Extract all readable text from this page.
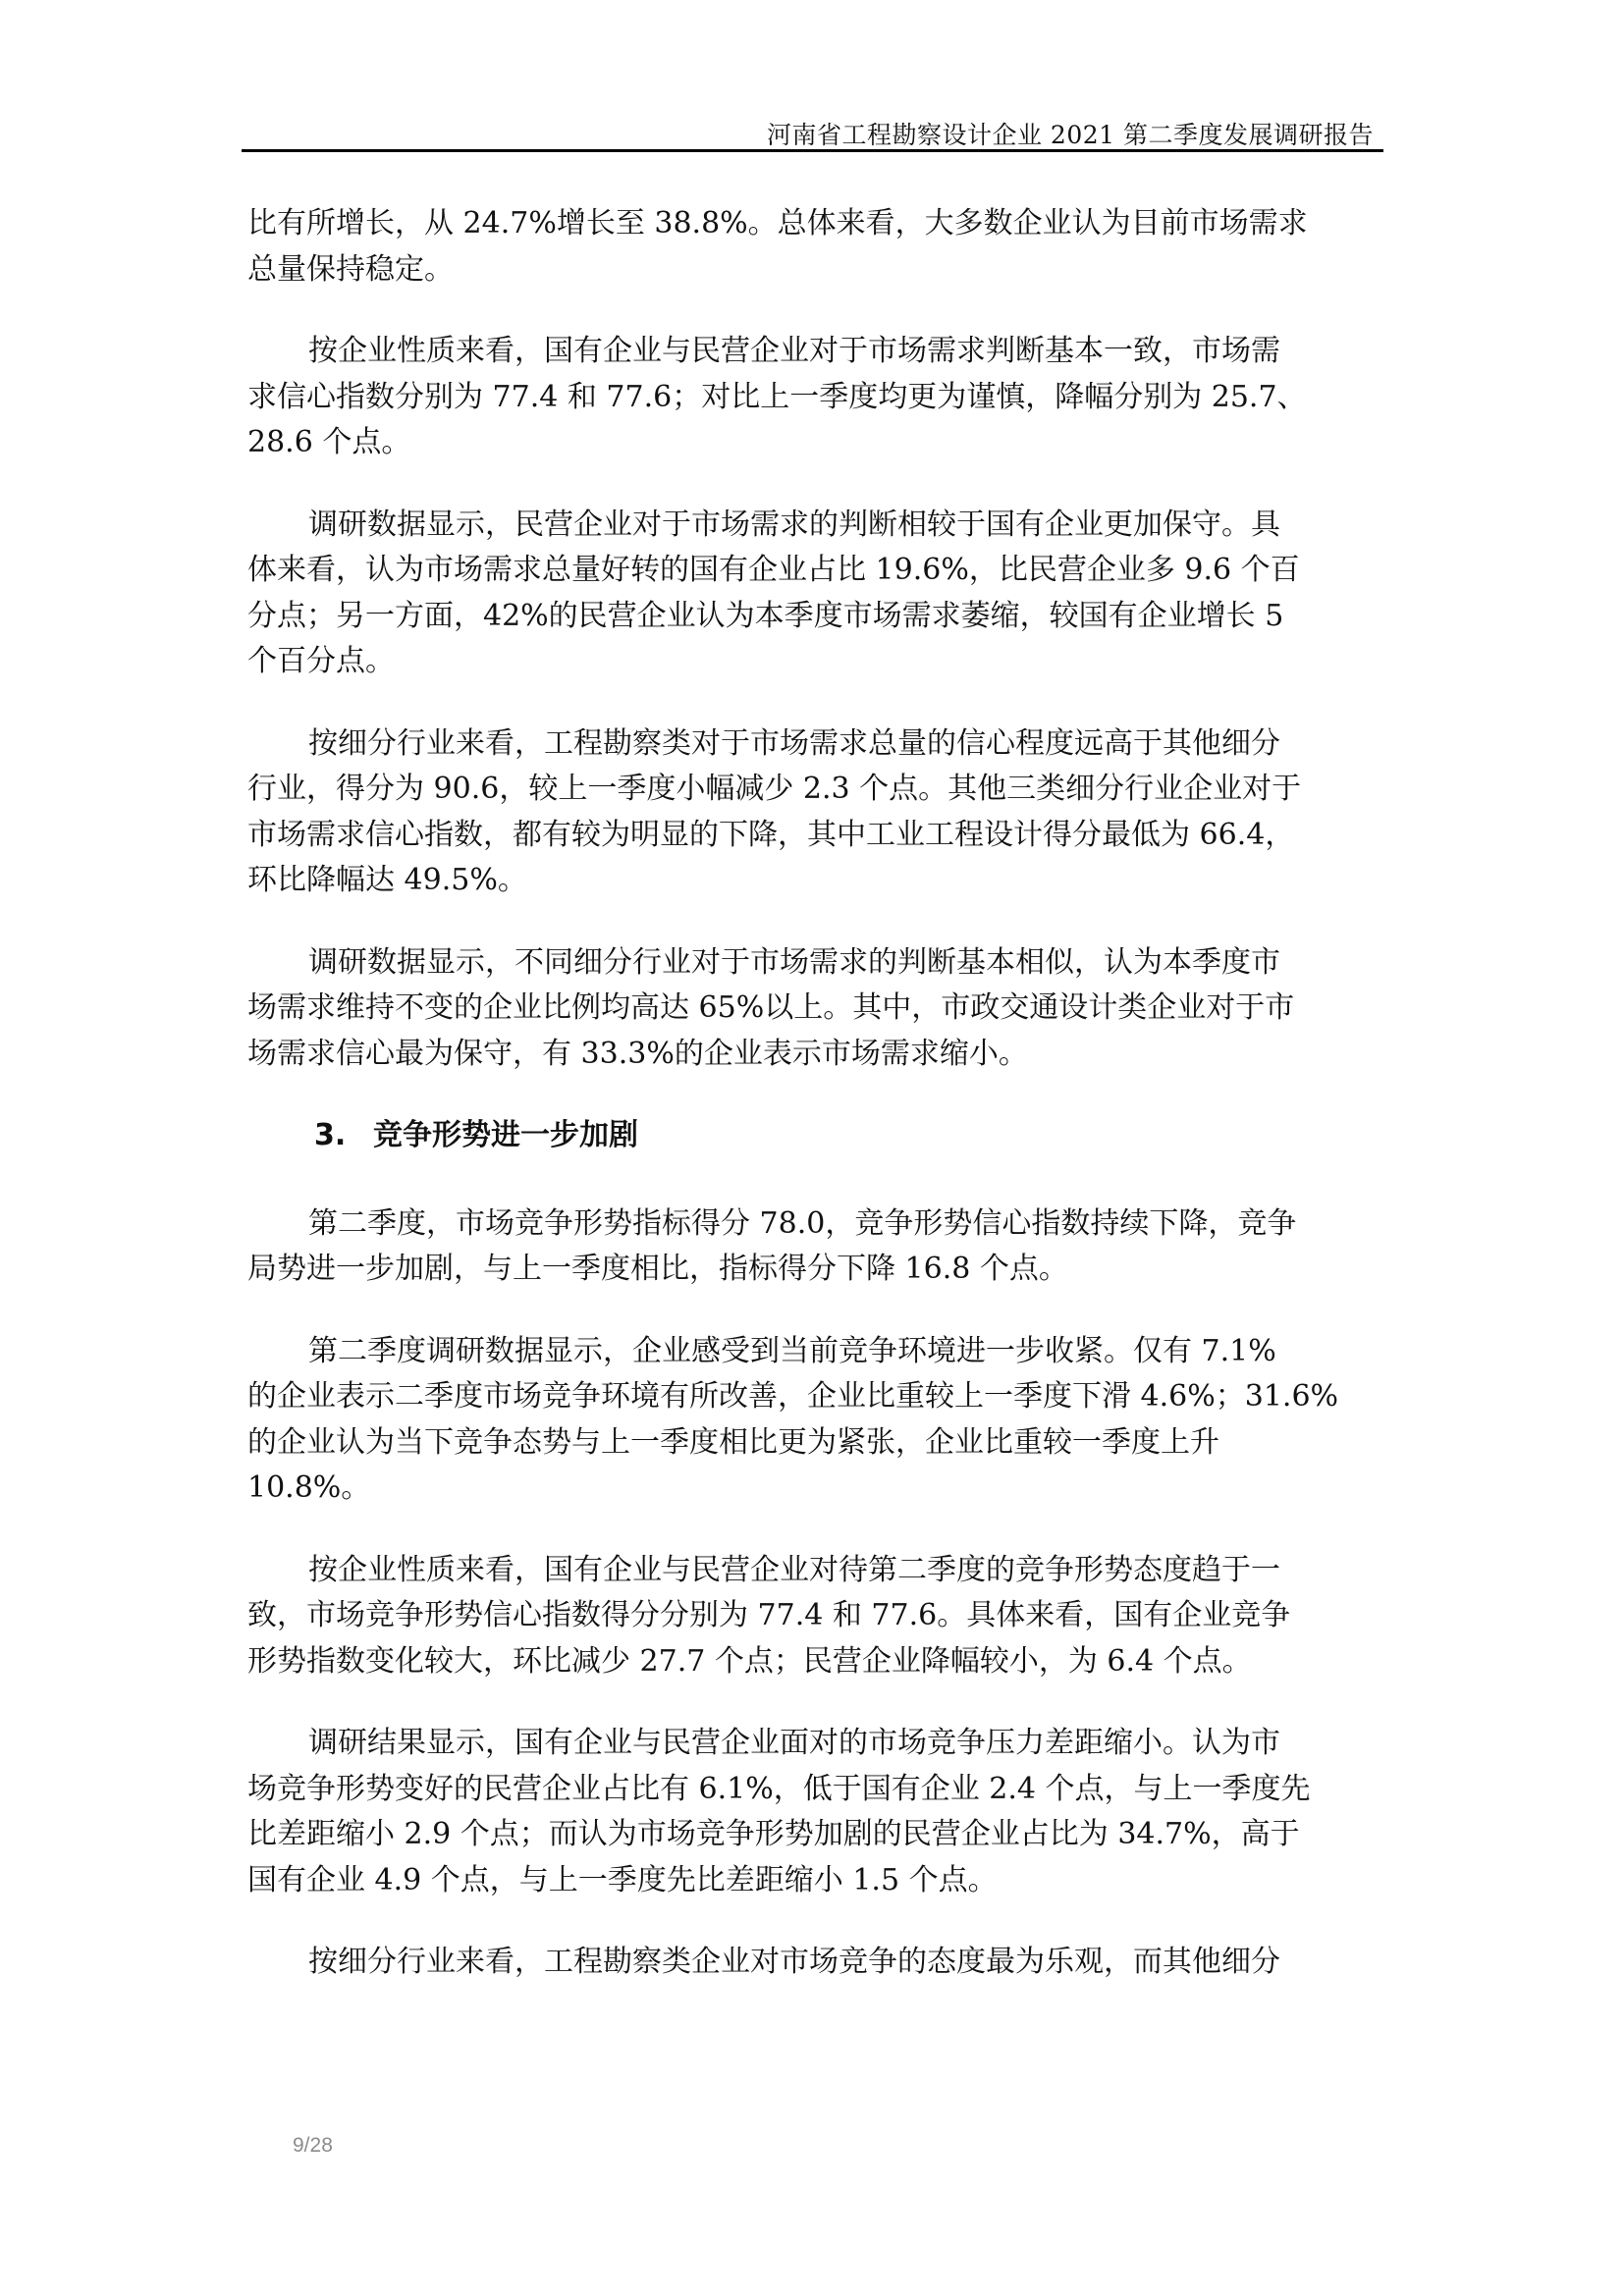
河南省工程勘察设计企业 2021 第二季度发展调研报告
比有所增长，从 24.7%增长至 38.8%。总体来看，大多数企业认为目前市场需求
总量保持稳定。
按企业性质来看，国有企业与民营企业对于市场需求判断基本一致，市场需
求信心指数分别为 77.4 和 77.6；对比上一季度均更为谨慎，降幅分别为 25.7、
28.6 个点。
调研数据显示，民营企业对于市场需求的判断相较于国有企业更加保守。具
体来看，认为市场需求总量好转的国有企业占比 19.6%，比民营企业多 9.6 个百
分点；另一方面，42%的民营企业认为本季度市场需求萎缩，较国有企业增长 5
个百分点。
按细分行业来看，工程勘察类对于市场需求总量的信心程度远高于其他细分
行业，得分为 90.6，较上一季度小幅减少 2.3 个点。其他三类细分行业企业对于
市场需求信心指数，都有较为明显的下降，其中工业工程设计得分最低为 66.4，
环比降幅达 49.5%。
调研数据显示，不同细分行业对于市场需求的判断基本相似，认为本季度市
场需求维持不变的企业比例均高达 65%以上。其中，市政交通设计类企业对于市
场需求信心最为保守，有 33.3%的企业表示市场需求缩小。
3. 竞争形势进一步加剧
第二季度，市场竞争形势指标得分 78.0，竞争形势信心指数持续下降，竞争
局势进一步加剧，与上一季度相比，指标得分下降 16.8 个点。
第二季度调研数据显示，企业感受到当前竞争环境进一步收紧。仅有 7.1%
的企业表示二季度市场竞争环境有所改善，企业比重较上一季度下滑 4.6%；31.6%
的企业认为当下竞争态势与上一季度相比更为紧张，企业比重较一季度上升
10.8%。
按企业性质来看，国有企业与民营企业对待第二季度的竞争形势态度趋于一
致，市场竞争形势信心指数得分分别为 77.4 和 77.6。具体来看，国有企业竞争
形势指数变化较大，环比减少 27.7 个点；民营企业降幅较小，为 6.4 个点。
调研结果显示，国有企业与民营企业面对的市场竞争压力差距缩小。认为市
场竞争形势变好的民营企业占比有 6.1%，低于国有企业 2.4 个点，与上一季度先
比差距缩小 2.9 个点；而认为市场竞争形势加剧的民营企业占比为 34.7%，高于
国有企业 4.9 个点，与上一季度先比差距缩小 1.5 个点。
按细分行业来看，工程勘察类企业对市场竞争的态度最为乐观，而其他细分
9/28
